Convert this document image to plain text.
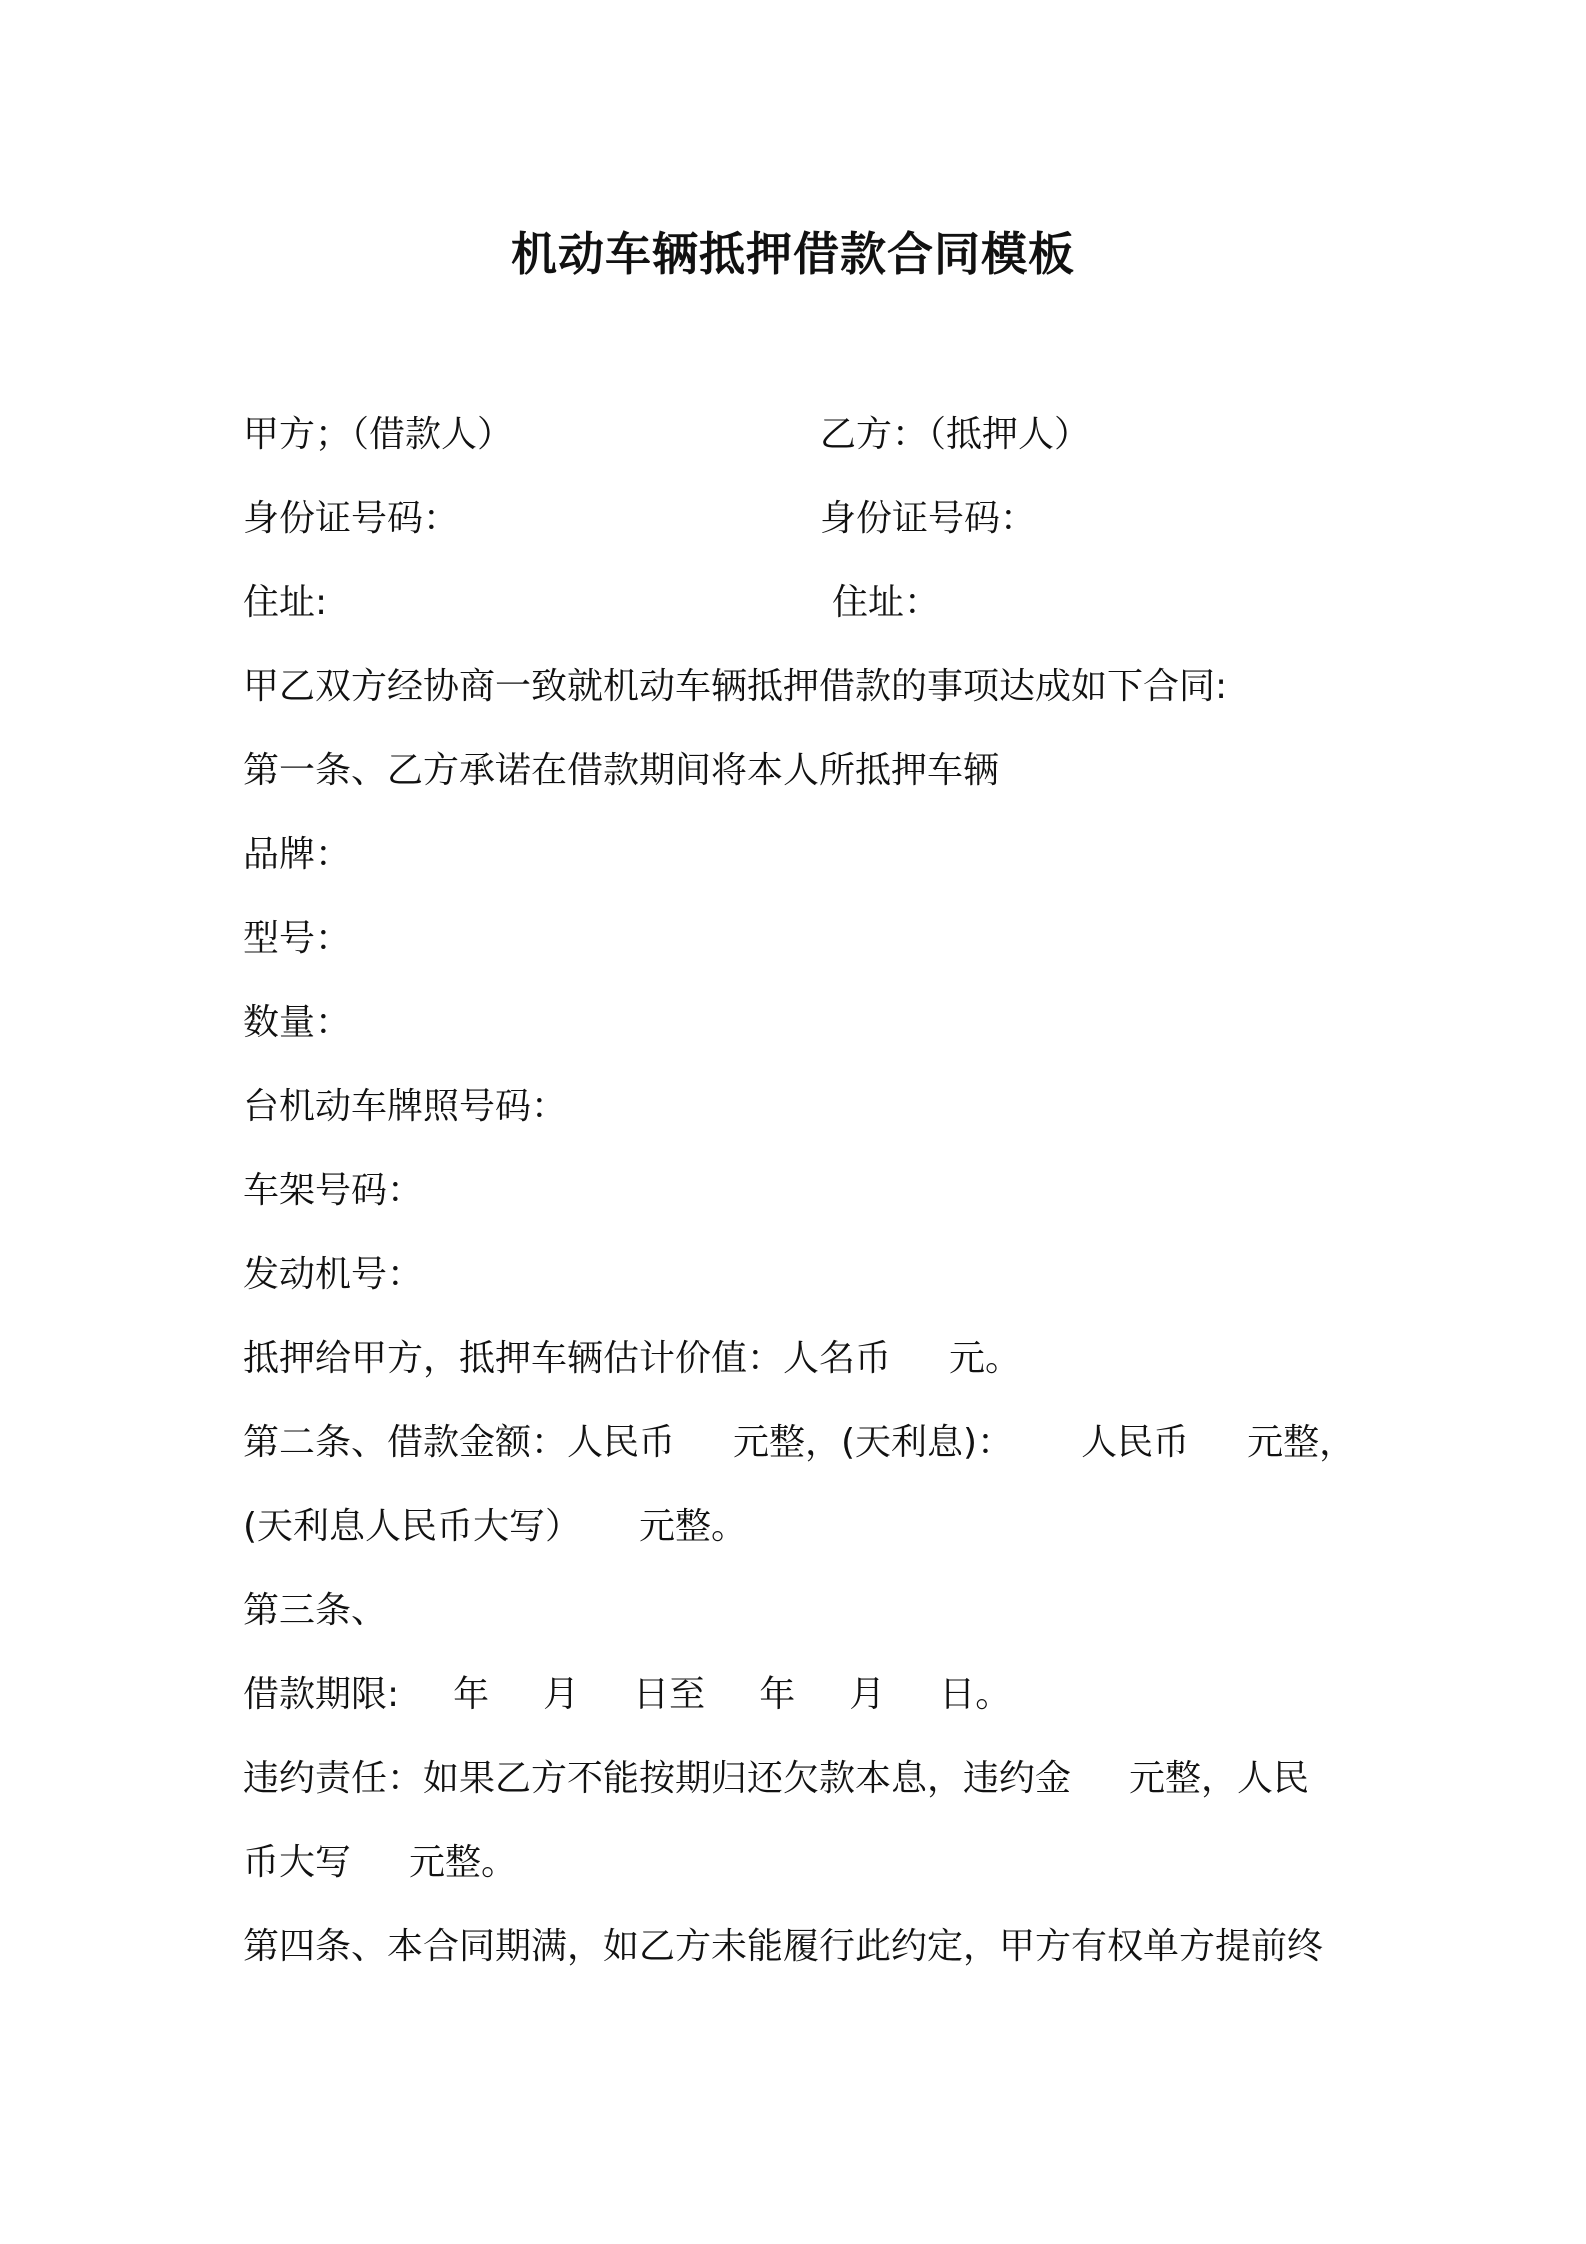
机动车辆抵押借款合同模板
甲方；（借款人）	乙方：（抵押人）
身份证号码：	身份证号码：
住址:	住址：
甲乙双方经协商一致就机动车辆抵押借款的事项达成如下合同:
第一条、乙方承诺在借款期间将本人所抵押车辆
品牌：
型号：
数量：
台机动车牌照号码：
车架号码：
发动机号：
抵押给甲方，抵押车辆估计价值：人名币 元。
第二条、借款金额：人民币 元整，(天利息)： 人民币 元整，
(天利息人民币大写） 元整。
第三条、
借款期限: 年 月 日至 年 月 日。
违约责任：如果乙方不能按期归还欠款本息，违约金 元整，人民
币大写 元整。
第四条、本合同期满，如乙方未能履行此约定，甲方有权单方提前终
